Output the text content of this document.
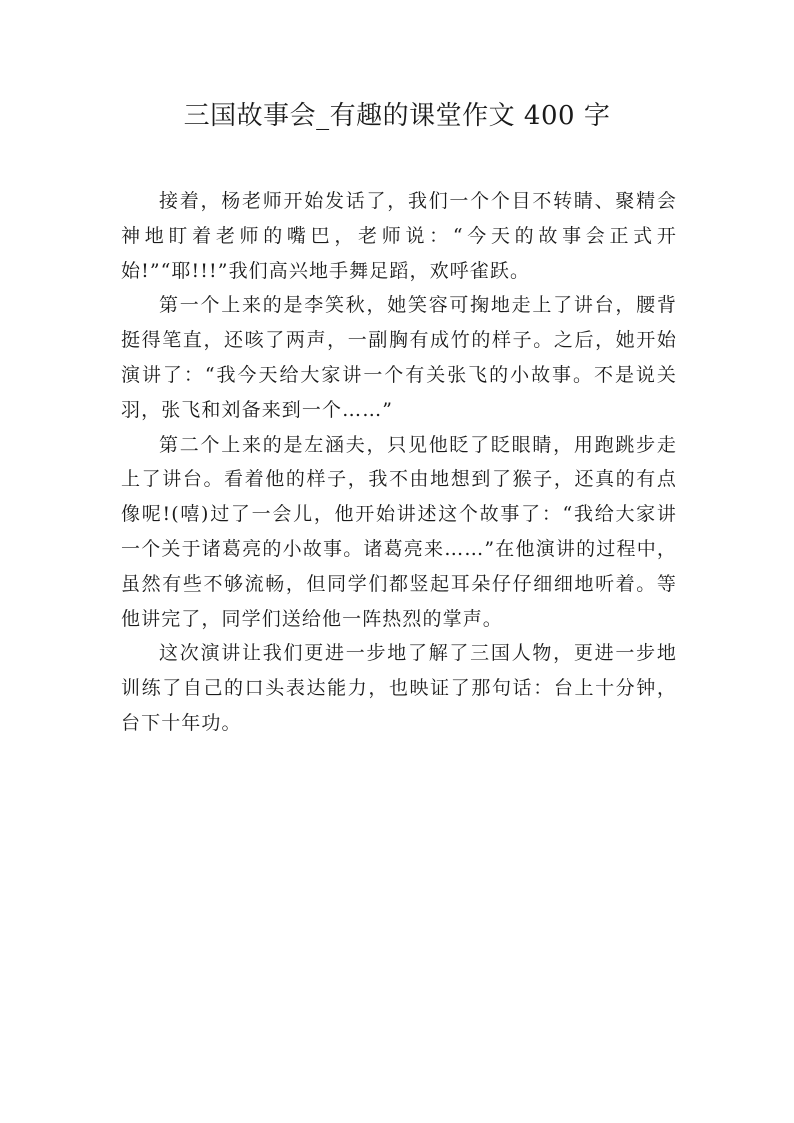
三国故事会_有趣的课堂作文 400 字

接着，杨老师开始发话了，我们一个个目不转睛、聚精会神地盯着老师的嘴巴，老师说：“今天的故事会正式开始!”“耶!!!”我们高兴地手舞足蹈，欢呼雀跃。

第一个上来的是李笑秋，她笑容可掬地走上了讲台，腰背挺得笔直，还咳了两声，一副胸有成竹的样子。之后，她开始演讲了：“我今天给大家讲一个有关张飞的小故事。不是说关羽，张飞和刘备来到一个……”

第二个上来的是左涵夫，只见他眨了眨眼睛，用跑跳步走上了讲台。看着他的样子，我不由地想到了猴子，还真的有点像呢!(嘻)过了一会儿，他开始讲述这个故事了：“我给大家讲一个关于诸葛亮的小故事。诸葛亮来……”在他演讲的过程中，虽然有些不够流畅，但同学们都竖起耳朵仔仔细细地听着。等他讲完了，同学们送给他一阵热烈的掌声。

这次演讲让我们更进一步地了解了三国人物，更进一步地训练了自己的口头表达能力，也映证了那句话：台上十分钟，台下十年功。
